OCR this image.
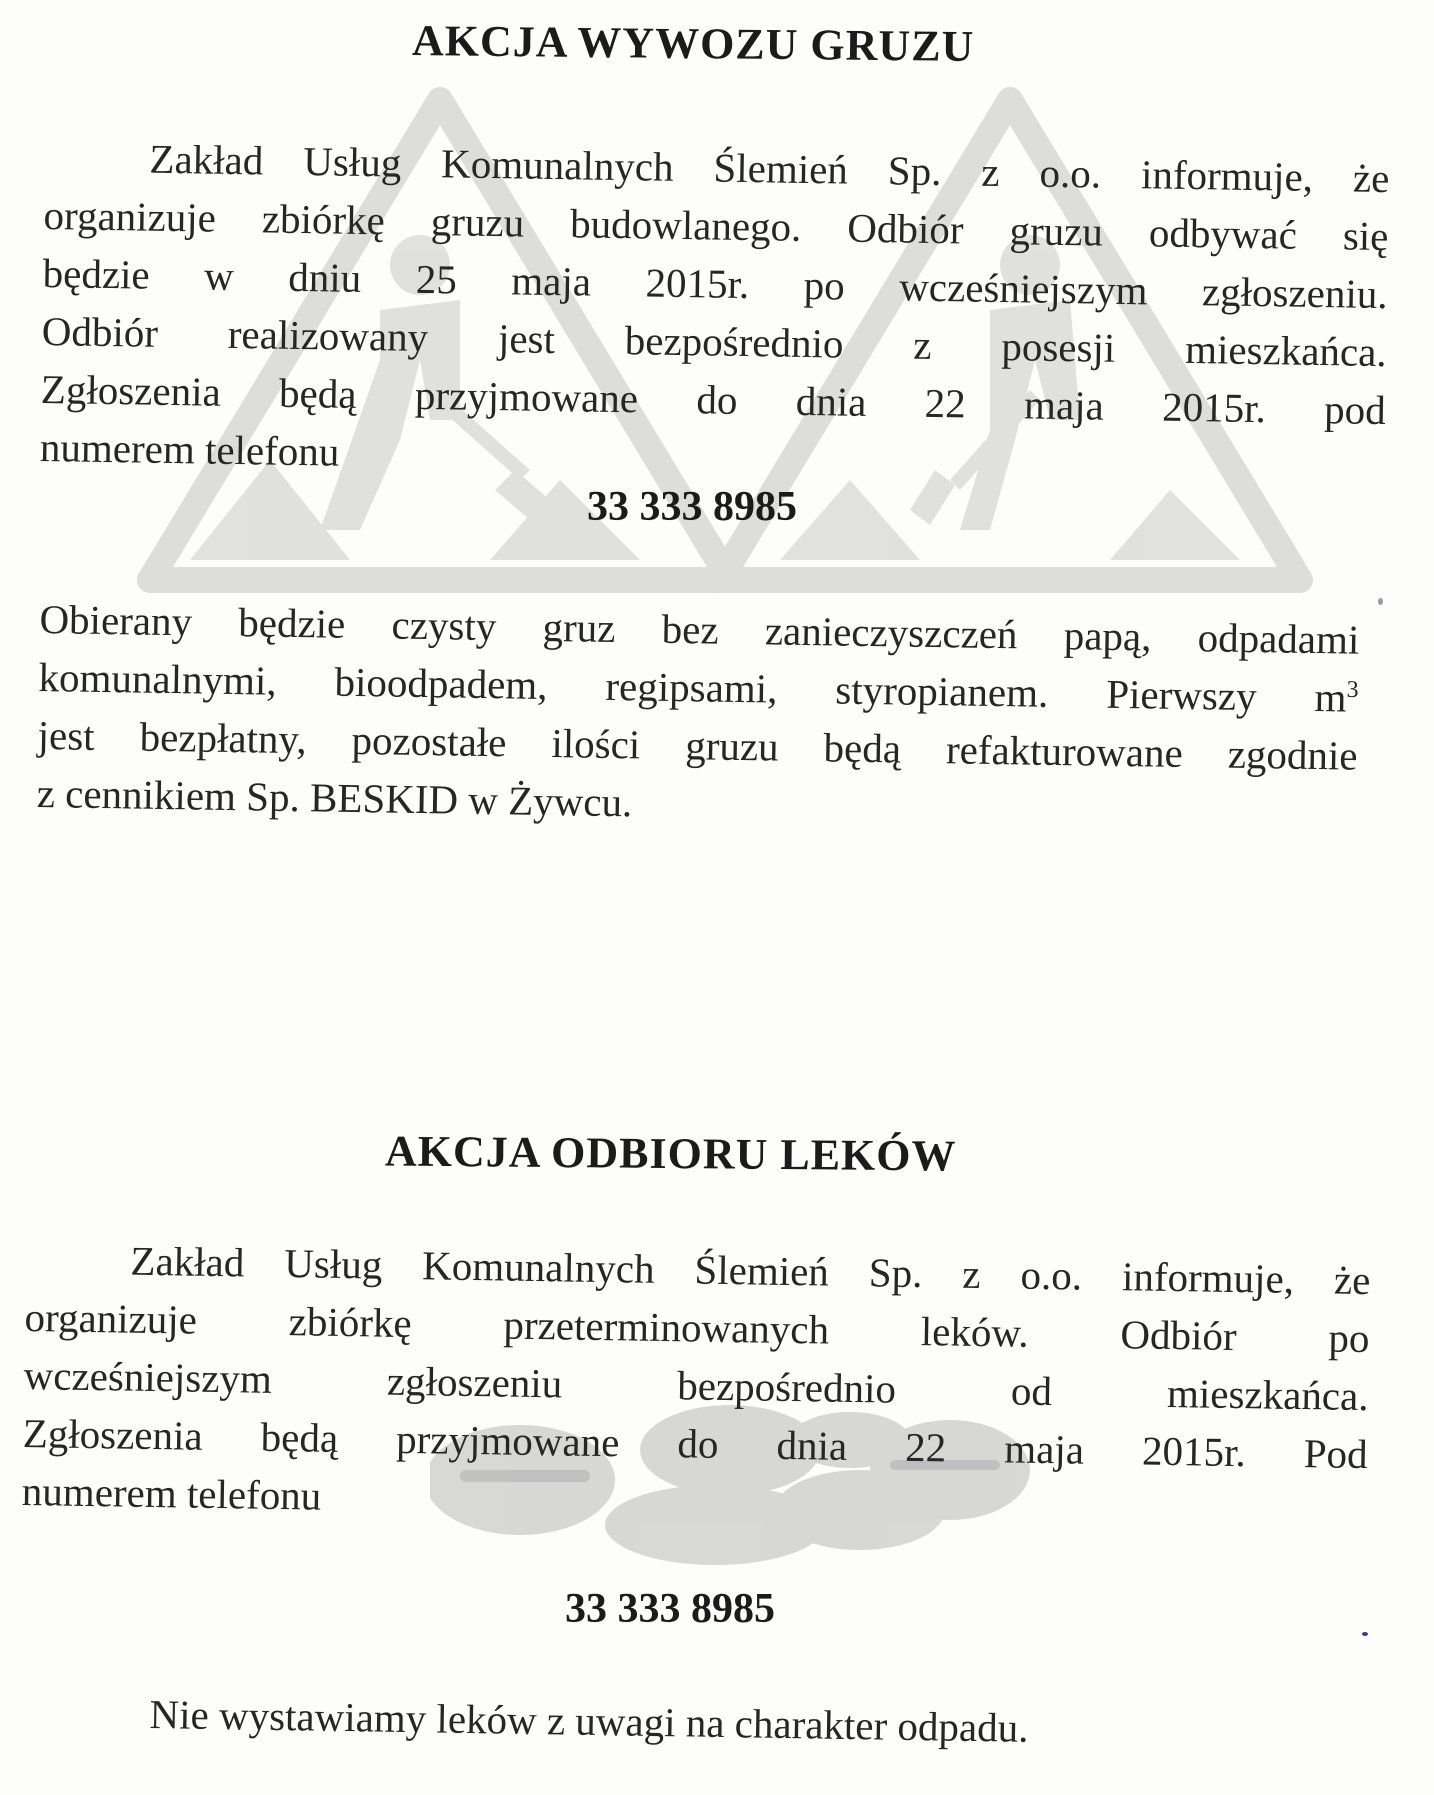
AKCJA WYWOZU GRUZU
Zakład Usług Komunalnych Ślemień Sp. z o.o. informuje, że
organizuje zbiórkę gruzu budowlanego. Odbiór gruzu odbywać się
będzie w dniu 25 maja 2015r. po wcześniejszym zgłoszeniu.
Odbiór realizowany jest bezpośrednio z posesji mieszkańca.
Zgłoszenia będą przyjmowane do dnia 22 maja 2015r. pod
numerem telefonu
33 333 8985
Obierany będzie czysty gruz bez zanieczyszczeń papą, odpadami
komunalnymi, bioodpadem, regipsami, styropianem. Pierwszy $m^3$
jest bezpłatny, pozostałe ilości gruzu będą refakturowane zgodnie
z cennikiem Sp. BESKID w Żywcu.
AKCJA ODBIORU LEKÓW
Zakład Usług Komunalnych Ślemień Sp. z o.o. informuje, że
organizuje zbiórkę przeterminowanych leków. Odbiór po
wcześniejszym zgłoszeniu bezpośrednio od mieszkańca.
Zgłoszenia będą przyjmowane do dnia 22 maja 2015r. Pod
numerem telefonu
33 333 8985
Nie wystawiamy leków z uwagi na charakter odpadu.
